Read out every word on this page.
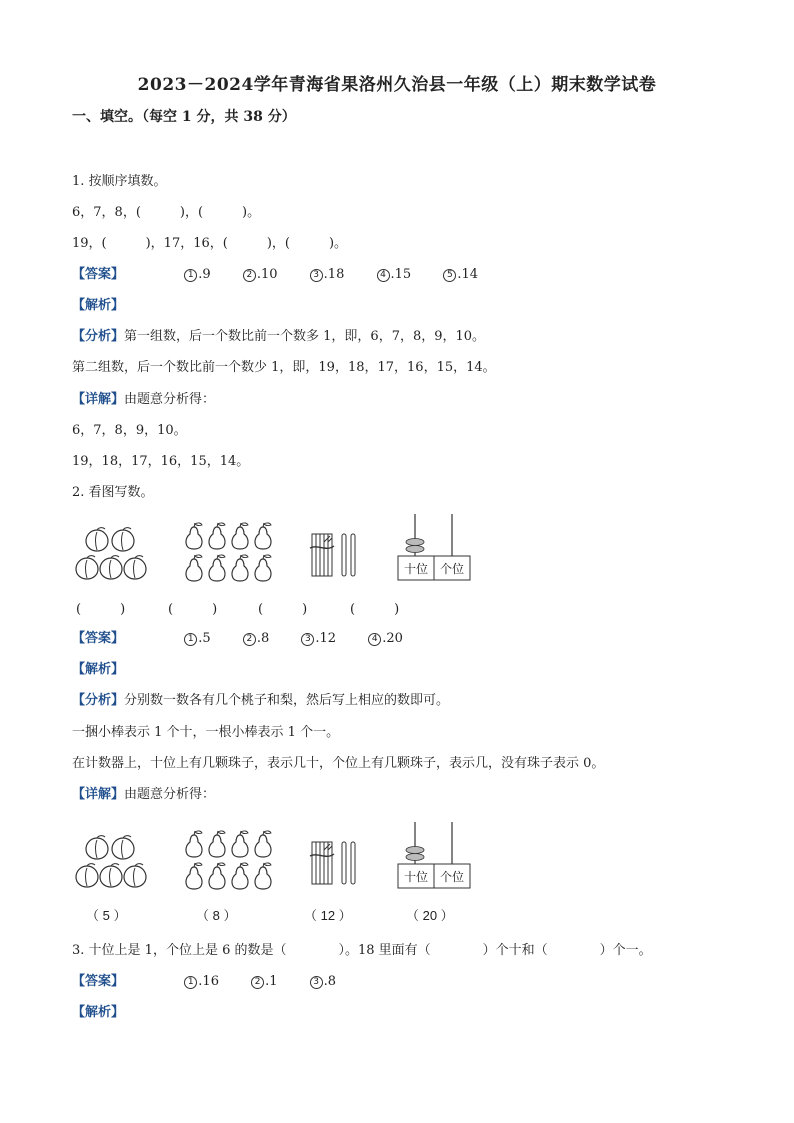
2023－2024学年青海省果洛州久治县一年级（上）期末数学试卷
一、填空。（每空 1 分，共 38 分）
1. 按顺序填数。
6，7，8，(　　　)，(　　　)。
19，(　　　)，17，16，(　　　)，(　　　)。
【答案】	1 .9	2 .10	3 .18	4 .15	5 .14
【解析】
【分析】第一组数，后一个数比前一个数多 1，即，6，7，8，9，10。
第二组数，后一个数比前一个数少 1，即，19，18，17，16，15，14。
【详解】由题意分析得：
6，7，8，9，10。
19，18，17，16，15，14。
2. 看图写数。
十位 个位
(　　　)	(　　　)	(　　　)	(　　　)
【答案】	1 .5	2 .8	3 .12	4 .20
【解析】
【分析】分别数一数各有几个桃子和梨，然后写上相应的数即可。
一捆小棒表示 1 个十，一根小棒表示 1 个一。
在计数器上，十位上有几颗珠子，表示几十，个位上有几颗珠子，表示几，没有珠子表示 0。
【详解】由题意分析得：
十位 个位
（ 5 ）	（ 8 ）	（ 12 ）	（ 20 ）
3. 十位上是 1，个位上是 6 的数是（　　　　）。18 里面有（　　　　）个十和（　　　　）个一。
【答案】	1 .16	2 .1	3 .8
【解析】
